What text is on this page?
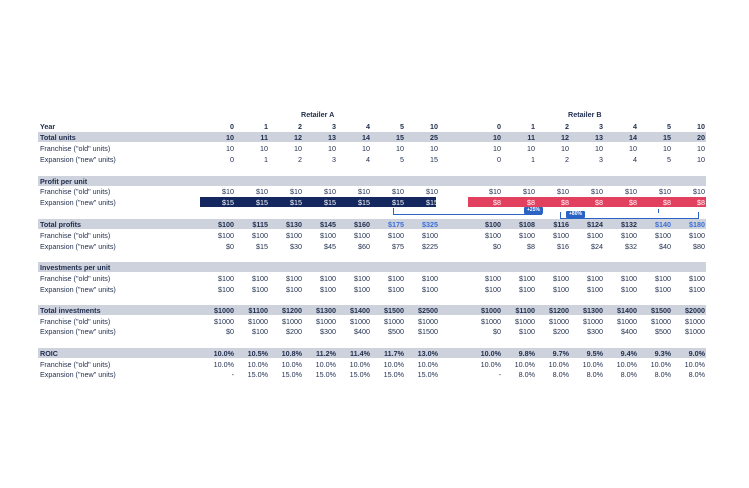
Retailer A	Retailer B
Year	0	1	2	3	4	5	10	0	1	2	3	4	5	10
Total units	10	11	12	13	14	15	25	10	11	12	13	14	15	20
Franchise ("old" units)	10	10	10	10	10	10	10	10	10	10	10	10	10	10
Expansion ("new" units)	0	1	2	3	4	5	15	0	1	2	3	4	5	10
Profit per unit
Franchise ("old" units)	$10	$10	$10	$10	$10	$10	$10	$10	$10	$10	$10	$10	$10	$10
Expansion ("new" units)	$15	$15	$15	$15	$15	$15	$15	$8	$8	$8	$8	$8	$8	$8
Total profits	$100	$115	$130	$145	$160	$175	$325	$100	$108	$116	$124	$132	$140	$180
Franchise ("old" units)	$100	$100	$100	$100	$100	$100	$100	$100	$100	$100	$100	$100	$100	$100
Expansion ("new" units)	$0	$15	$30	$45	$60	$75	$225	$0	$8	$16	$24	$32	$40	$80
Investments per unit
Franchise ("old" units)	$100	$100	$100	$100	$100	$100	$100	$100	$100	$100	$100	$100	$100	$100
Expansion ("new" units)	$100	$100	$100	$100	$100	$100	$100	$100	$100	$100	$100	$100	$100	$100
Total investments	$1000	$1100	$1200	$1300	$1400	$1500	$2500	$1000	$1100	$1200	$1300	$1400	$1500	$2000
Franchise ("old" units)	$1000	$1000	$1000	$1000	$1000	$1000	$1000	$1000	$1000	$1000	$1000	$1000	$1000	$1000
Expansion ("new" units)	$0	$100	$200	$300	$400	$500	$1500	$0	$100	$200	$300	$400	$500	$1000
ROIC	10.0%	10.5%	10.8%	11.2%	11.4%	11.7%	13.0%	10.0%	9.8%	9.7%	9.5%	9.4%	9.3%	9.0%
Franchise ("old" units)	10.0%	10.0%	10.0%	10.0%	10.0%	10.0%	10.0%	10.0%	10.0%	10.0%	10.0%	10.0%	10.0%	10.0%
Expansion ("new" units)	-	15.0%	15.0%	15.0%	15.0%	15.0%	15.0%	-	8.0%	8.0%	8.0%	8.0%	8.0%	8.0%
+25%
+80%
